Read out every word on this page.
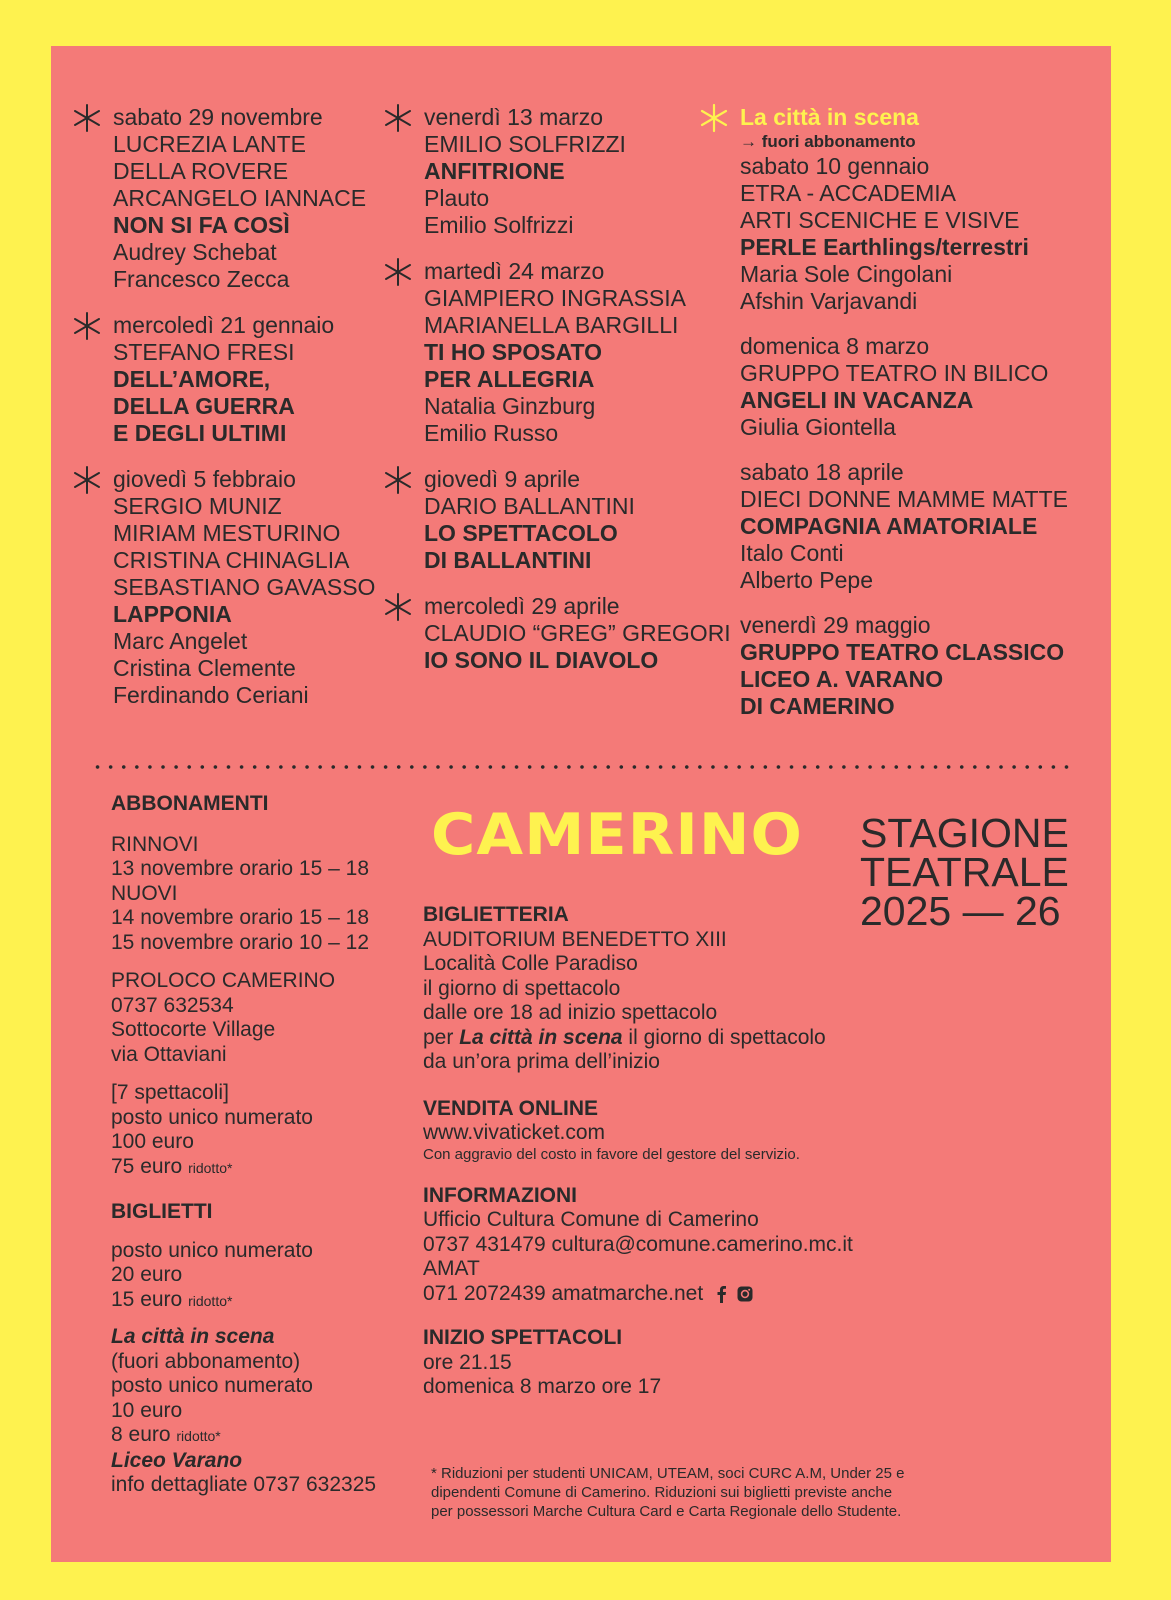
sabato 29 novembre
LUCREZIA LANTE
DELLA ROVERE
ARCANGELO IANNACE
NON SI FA COSÌ
Audrey Schebat
Francesco Zecca
mercoledì 21 gennaio
STEFANO FRESI
DELL’AMORE,
DELLA GUERRA
E DEGLI ULTIMI
giovedì 5 febbraio
SERGIO MUNIZ
MIRIAM MESTURINO
CRISTINA CHINAGLIA
SEBASTIANO GAVASSO
LAPPONIA
Marc Angelet
Cristina Clemente
Ferdinando Ceriani
venerdì 13 marzo
EMILIO SOLFRIZZI
ANFITRIONE
Plauto
Emilio Solfrizzi
martedì 24 marzo
GIAMPIERO INGRASSIA
MARIANELLA BARGILLI
TI HO SPOSATO
PER ALLEGRIA
Natalia Ginzburg
Emilio Russo
giovedì 9 aprile
DARIO BALLANTINI
LO SPETTACOLO
DI BALLANTINI
mercoledì 29 aprile
CLAUDIO “GREG” GREGORI
IO SONO IL DIAVOLO
La città in scena
→ fuori abbonamento
sabato 10 gennaio
ETRA - ACCADEMIA
ARTI SCENICHE E VISIVE
PERLE Earthlings/terrestri
Maria Sole Cingolani
Afshin Varjavandi
domenica 8 marzo
GRUPPO TEATRO IN BILICO
ANGELI IN VACANZA
Giulia Giontella
sabato 18 aprile
DIECI DONNE MAMME MATTE
COMPAGNIA AMATORIALE
Italo Conti
Alberto Pepe
venerdì 29 maggio
GRUPPO TEATRO CLASSICO
LICEO A. VARANO
DI CAMERINO
ABBONAMENTI
RINNOVI
13 novembre orario 15 – 18
NUOVI
14 novembre orario 15 – 18
15 novembre orario 10 – 12
PROLOCO CAMERINO
0737 632534
Sottocorte Village
via Ottaviani
[7 spettacoli]
posto unico numerato
100 euro
75 euro ridotto*
BIGLIETTI
posto unico numerato
20 euro
15 euro ridotto*
La città in scena
(fuori abbonamento)
posto unico numerato
10 euro
8 euro ridotto*
Liceo Varano
info dettagliate 0737 632325
CAMERINO STAGIONE
TEATRALE
2025 — 26
BIGLIETTERIA
AUDITORIUM BENEDETTO XIII
Località Colle Paradiso
il giorno di spettacolo
dalle ore 18 ad inizio spettacolo
per La città in scena il giorno di spettacolo
da un’ora prima dell’inizio
VENDITA ONLINE
www.vivaticket.com
Con aggravio del costo in favore del gestore del servizio.
INFORMAZIONI
Ufficio Cultura Comune di Camerino
0737 431479 cultura@comune.camerino.mc.it
AMAT
071 2072439 amatmarche.net
INIZIO SPETTACOLI
ore 21.15
domenica 8 marzo ore 17
* Riduzioni per studenti UNICAM, UTEAM, soci CURC A.M, Under 25 e
dipendenti Comune di Camerino. Riduzioni sui biglietti previste anche
per possessori Marche Cultura Card e Carta Regionale dello Studente.
